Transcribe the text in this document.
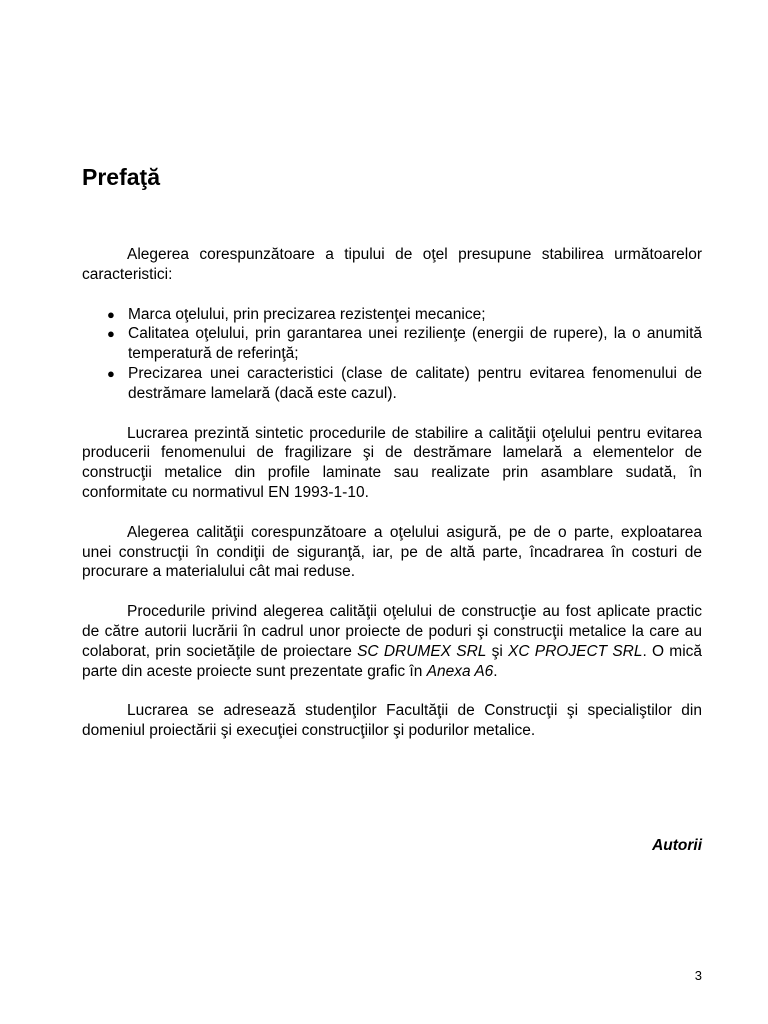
Prefaţă

Alegerea corespunzătoare a tipului de oţel presupune stabilirea următoarelor caracteristici:

● Marca oţelului, prin precizarea rezistenţei mecanice;
● Calitatea oţelului, prin garantarea unei rezilienţe (energii de rupere), la o anumită temperatură de referinţă;
● Precizarea unei caracteristici (clase de calitate) pentru evitarea fenomenului de destrămare lamelară (dacă este cazul).

Lucrarea prezintă sintetic procedurile de stabilire a calităţii oţelului pentru evitarea producerii fenomenului de fragilizare şi de destrămare lamelară a elementelor de construcţii metalice din profile laminate sau realizate prin asamblare sudată, în conformitate cu normativul EN 1993-1-10.

Alegerea calităţii corespunzătoare a oţelului asigură, pe de o parte, exploatarea unei construcţii în condiţii de siguranţă, iar, pe de altă parte, încadrarea în costuri de procurare a materialului cât mai reduse.

Procedurile privind alegerea calităţii oţelului de construcţie au fost aplicate practic de către autorii lucrării în cadrul unor proiecte de poduri şi construcţii metalice la care au colaborat, prin societăţile de proiectare SC DRUMEX SRL şi XC PROJECT SRL. O mică parte din aceste proiecte sunt prezentate grafic în Anexa A6.

Lucrarea se adresează studenţilor Facultăţii de Construcţii şi specialiştilor din domeniul proiectării şi execuţiei construcţiilor şi podurilor metalice.

Autorii

3
